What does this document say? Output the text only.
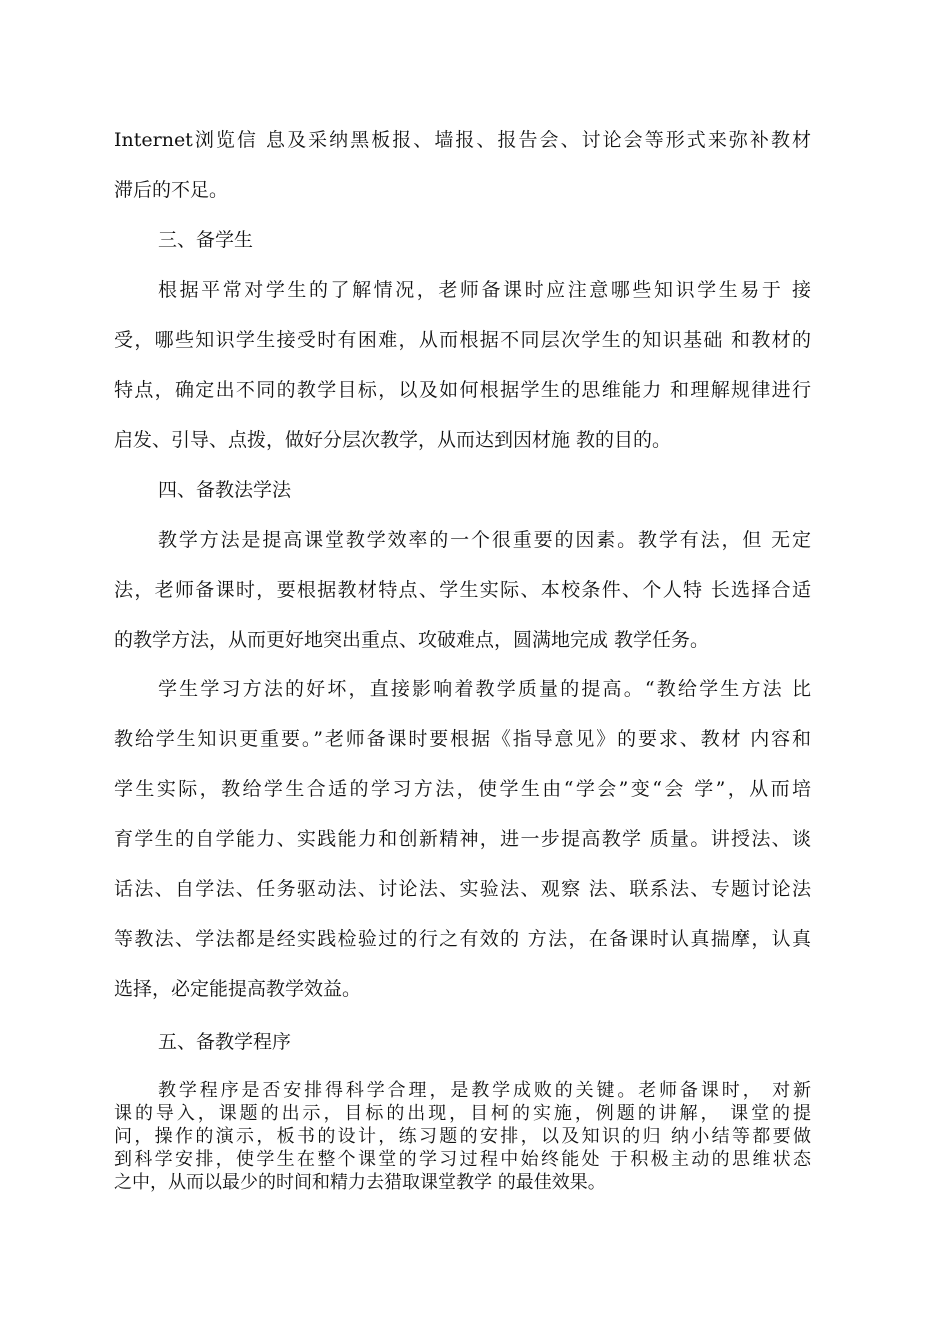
Internet浏览信 息及采纳黑板报、墙报、报告会、讨论会等形式来弥补教材
滞后的不足。
三、备学生
根据平常对学生的了解情况，老师备课时应注意哪些知识学生易于 接
受，哪些知识学生接受时有困难，从而根据不同层次学生的知识基础 和教材的
特点，确定出不同的教学目标，以及如何根据学生的思维能力 和理解规律进行
启发、引导、点拨，做好分层次教学，从而达到因材施 教的目的。
四、备教法学法
教学方法是提高课堂教学效率的一个很重要的因素。教学有法，但 无定
法，老师备课时，要根据教材特点、学生实际、本校条件、个人特 长选择合适
的教学方法，从而更好地突出重点、攻破难点，圆满地完成 教学任务。
学生学习方法的好坏，直接影响着教学质量的提高。“教给学生方法 比
教给学生知识更重要。”老师备课时要根据《指导意见》的要求、教材 内容和
学生实际，教给学生合适的学习方法，使学生由“学会”变“会 学”，从而培
育学生的自学能力、实践能力和创新精神，进一步提高教学 质量。讲授法、谈
话法、自学法、任务驱动法、讨论法、实验法、观察 法、联系法、专题讨论法
等教法、学法都是经实践检验过的行之有效的 方法，在备课时认真揣摩，认真
选择，必定能提高教学效益。
五、备教学程序
教学程序是否安排得科学合理，是教学成败的关键。老师备课时， 对新
课的导入，课题的出示，目标的出现，目柯的实施，例题的讲解， 课堂的提
问，操作的演示，板书的设计，练习题的安排，以及知识的归 纳小结等都要做
到科学安排，使学生在整个课堂的学习过程中始终能处 于积极主动的思维状态
之中，从而以最少的时间和精力去猎取课堂教学 的最佳效果。
